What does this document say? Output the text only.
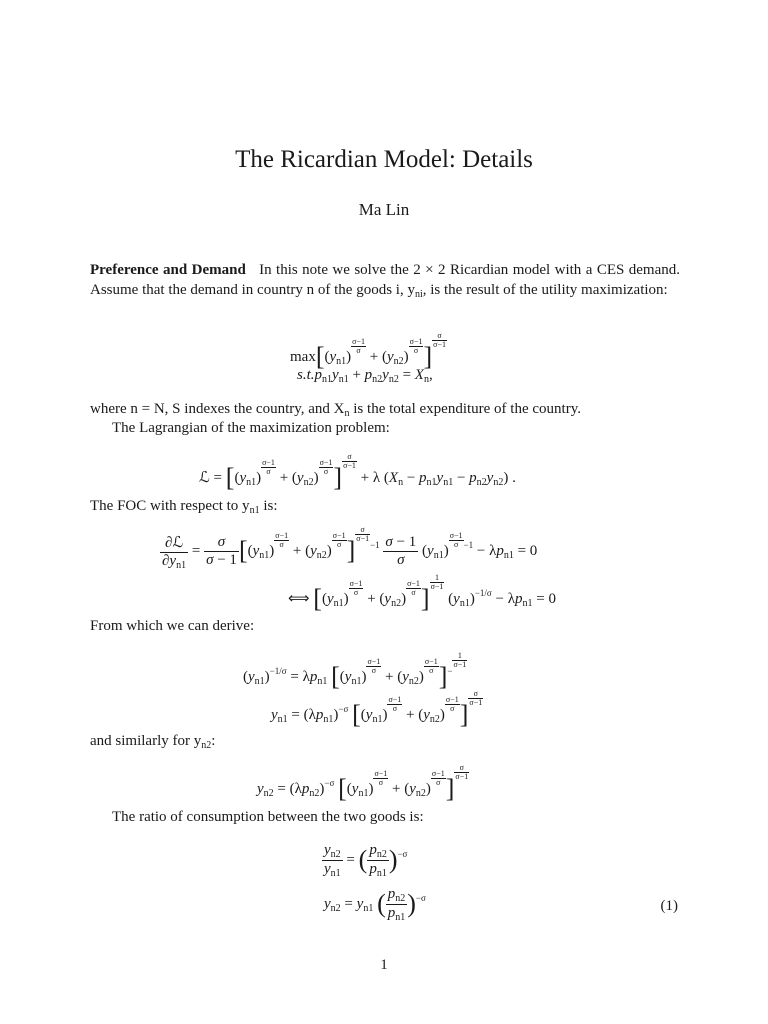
The Ricardian Model: Details
Ma Lin
Preference and Demand In this note we solve the 2 × 2 Ricardian model with a CES demand. Assume that the demand in country n of the goods i, $y_{ni}$, is the result of the utility maximization:
$\max[(y_{n1})$
$\frac{\sigma-1}{\sigma}$
+ $(y_{n2})$
$\frac{\sigma-1}{\sigma}$ ]
$\frac{\sigma}{\sigma-1}$
$s.t.p_{n1}y_{n1} + p_{n2}y_{n2} = X_n$,
where n = N, S indexes the country, and $X_n$ is the total expenditure of the country.
The Lagrangian of the maximization problem:
ℒ = [$(y_{n1})$
$\frac{\sigma-1}{\sigma}$
+ $(y_{n2})$
$\frac{\sigma-1}{\sigma}$ ]
$\frac{\sigma}{\sigma-1}$
+ λ $(X_n - p_{n1}y_{n1} - p_{n2}y_{n2})$ .
The FOC with respect to $y_{n1}$ is:
$\frac{\text{∂ℒ}}{\partial y_{n1}} = \frac{\sigma}{\sigma - 1} [(y_{n1})$
$\frac{\sigma-1}{\sigma}$
+ $(y_{n2})$
$\frac{\sigma-1}{\sigma}$ ]
$\frac{\sigma}{\sigma-1}$
$^{-1} \frac{\sigma - 1}{\sigma} (y_{n1})$
$\frac{\sigma-1}{\sigma} ^{-1} - \lambda p_{n1} = 0$
⟺ [$(y_{n1})$
$\frac{\sigma-1}{\sigma}$
+ $(y_{n2})$
$\frac{\sigma-1}{\sigma}$ ]
$\frac{1}{\sigma-1}$
$(y_{n1})^{-1/\sigma} - \lambda p_{n1} = 0$
From which we can derive:
$(y_{n1})^{-1/\sigma} = \lambda p_{n1}$ [$(y_{n1})$
$\frac{\sigma-1}{\sigma}$
+ $(y_{n2})$
$\frac{\sigma-1}{\sigma} ]^-$
$\frac{1}{\sigma-1}$
$y_{n1} = (\lambda p_{n1})^{-\sigma}$ [$(y_{n1})$
$\frac{\sigma-1}{\sigma}$
+ $(y_{n2})$
$\frac{\sigma-1}{\sigma}$ ]
$\frac{\sigma}{\sigma-1}$
and similarly for $y_{n2}$:
$y_{n2} = (\lambda p_{n2})^{-\sigma}$ [$(y_{n1})$
$\frac{\sigma-1}{\sigma}$
+ $(y_{n2})$
$\frac{\sigma-1}{\sigma}$ ]
$\frac{\sigma}{\sigma-1}$
The ratio of consumption between the two goods is:
$\frac{y_{n2}}{y_{n1}}$ = ( $\frac{p_{n2}}{p_{n1}} )^{-\sigma}$
$y_{n2} = y_{n1}$ ( $\frac{p_{n2}}{p_{n1}} )^{-\sigma}$
(1)
1
